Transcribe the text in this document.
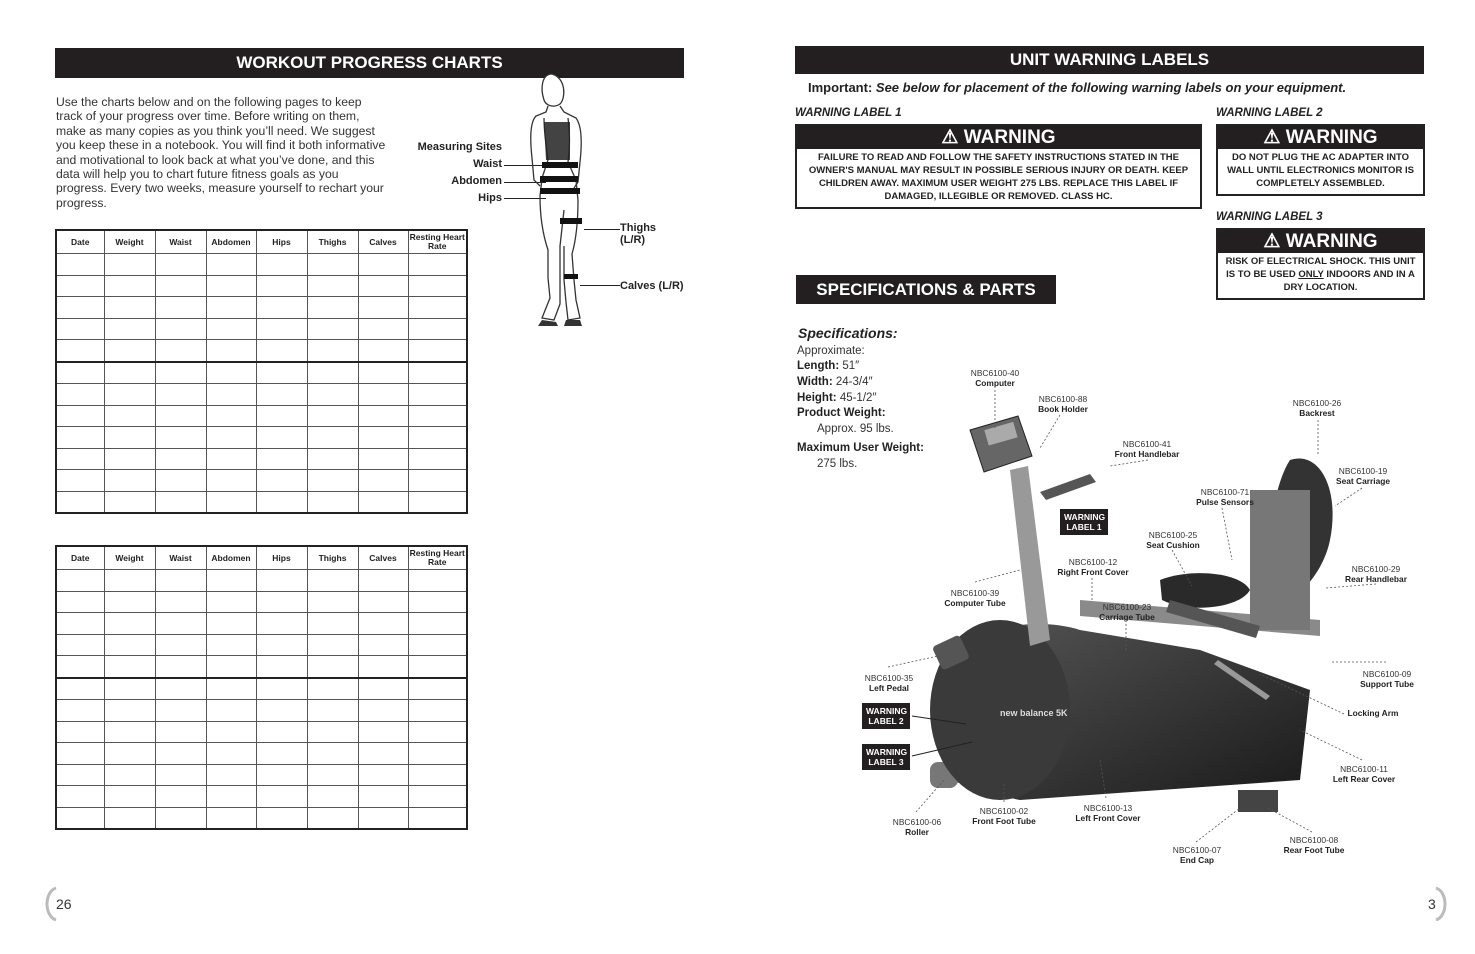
WORKOUT PROGRESS CHARTS
Use the charts below and on the following pages to keep track of your progress over time. Before writing on them, make as many copies as you think you’ll need. We suggest you keep these in a notebook. You will find it both informative and motivational to look back at what you’ve done, and this data will help you to chart future fitness goals as you progress. Every two weeks, measure yourself to rechart your progress.
Measuring Sites
Waist
Abdomen
Hips
Thighs (L/R)
Calves (L/R)
Date	Weight	Waist	Abdomen	Hips	Thighs	Calves	Resting Heart Rate

Date	Weight	Waist	Abdomen	Hips	Thighs	Calves	Resting Heart Rate

26
UNIT WARNING LABELS
Important: See below for placement of the following warning labels on your equipment.
WARNING LABEL 1
⚠ WARNING
FAILURE TO READ AND FOLLOW THE SAFETY INSTRUCTIONS STATED IN THE OWNER'S MANUAL MAY RESULT IN POSSIBLE SERIOUS INJURY OR DEATH. KEEP CHILDREN AWAY. MAXIMUM USER WEIGHT 275 LBS. REPLACE THIS LABEL IF DAMAGED, ILLEGIBLE OR REMOVED. CLASS HC.
WARNING LABEL 2
⚠ WARNING
DO NOT PLUG THE AC ADAPTER INTO WALL UNTIL ELECTRONICS MONITOR IS COMPLETELY ASSEMBLED.
WARNING LABEL 3
⚠ WARNING
RISK OF ELECTRICAL SHOCK. THIS UNIT IS TO BE USED ONLY INDOORS AND IN A DRY LOCATION.
SPECIFICATIONS & PARTS
Specifications:
Approximate:
Length: 51″
Width: 24-3/4″
Height: 45-1/2″
Product Weight:
Approx. 95 lbs.
Maximum User Weight:
275 lbs.
new balance 5K
NBC6100-40
Computer
NBC6100-88
Book Holder
NBC6100-41
Front Handlebar
NBC6100-26
Backrest
NBC6100-19
Seat Carriage
NBC6100-71
Pulse Sensors
NBC6100-25
Seat Cushion
NBC6100-12
Right Front Cover	NBC6100-29
Rear Handlebar
NBC6100-39
Computer Tube	NBC6100-23
Carriage Tube
NBC6100-35
Left Pedal
NBC6100-09
Support Tube
Locking Arm
NBC6100-11
Left Rear Cover
NBC6100-06
Roller
NBC6100-02
Front Foot Tube
NBC6100-13
Left Front Cover
NBC6100-07
End Cap
NBC6100-08
Rear Foot Tube
WARNING LABEL 1
WARNING LABEL 2
WARNING LABEL 3
3
